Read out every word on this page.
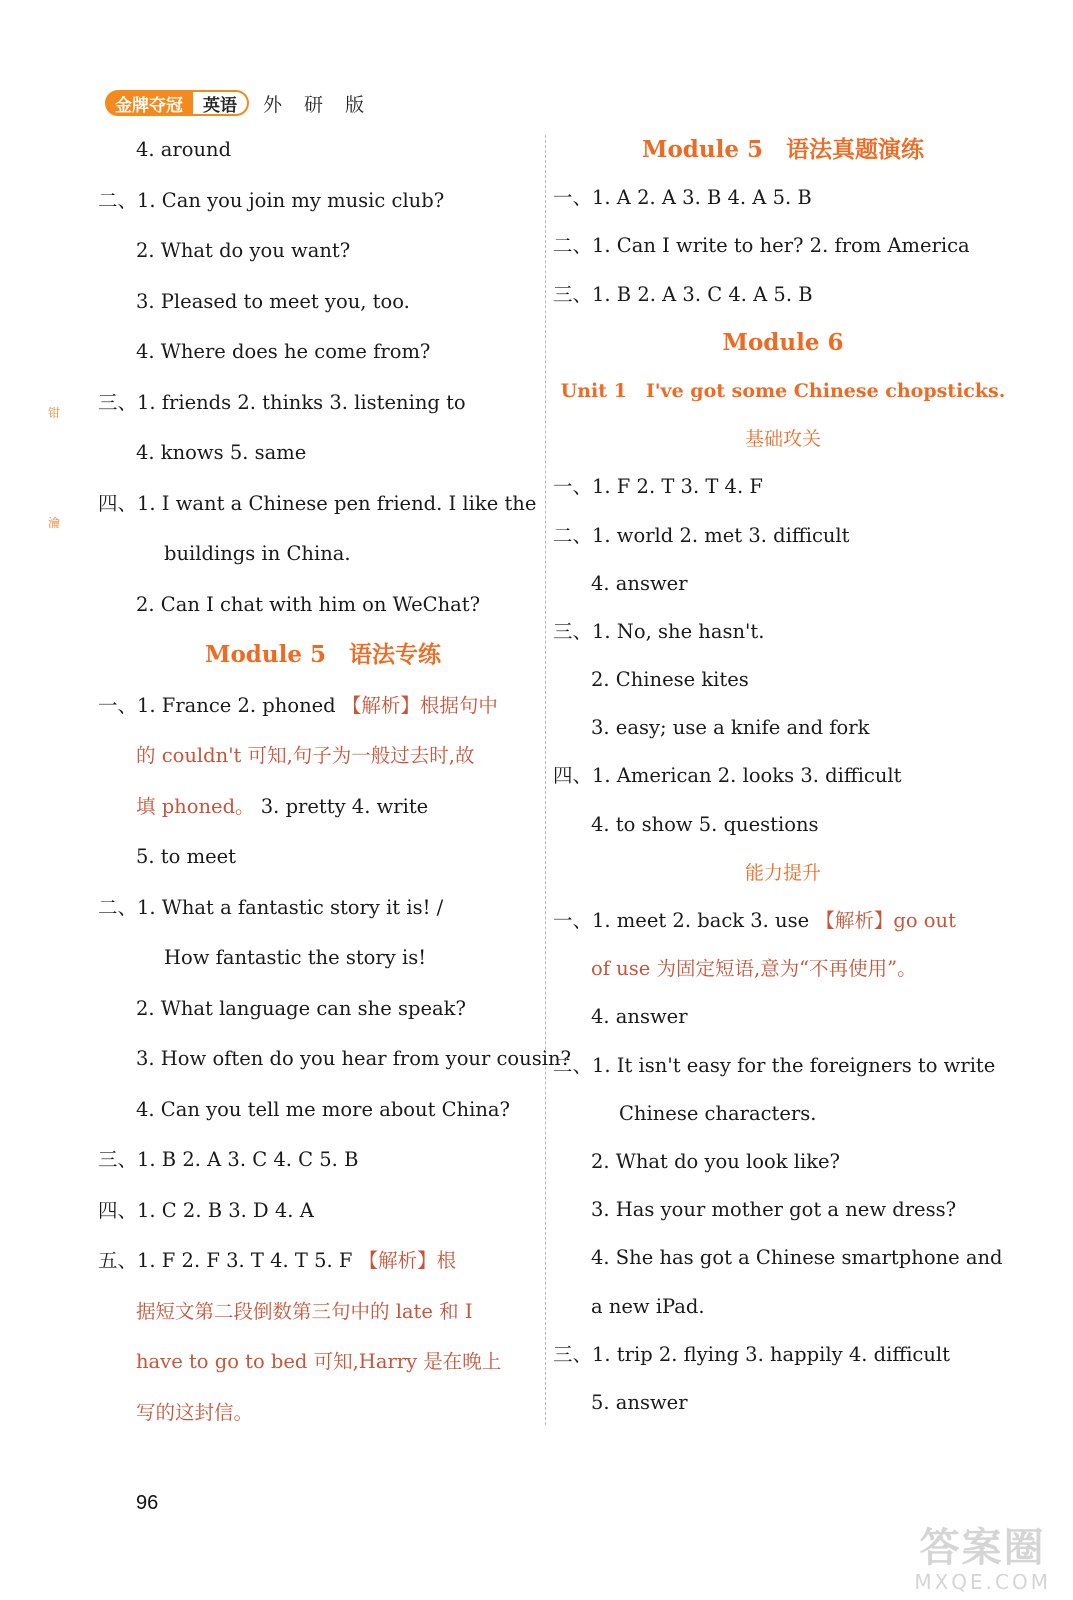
金牌夺冠	英语	外 研 版
钳
瀹
4. around
二、1. Can you join my music club?
2. What do you want?
3. Pleased to meet you, too.
4. Where does he come from?
三、1. friends 2. thinks 3. listening to
4. knows 5. same
四、1. I want a Chinese pen friend. I like the
buildings in China.
2. Can I chat with him on WeChat?
Module 5　语法专练
一、1. France 2. phoned 【解析】根据句中
的 couldn't 可知,句子为一般过去时,故
填 phoned。 3. pretty 4. write
5. to meet
二、1. What a fantastic story it is! /
How fantastic the story is!
2. What language can she speak?
3. How often do you hear from your cousin?
4. Can you tell me more about China?
三、1. B 2. A 3. C 4. C 5. B
四、1. C 2. B 3. D 4. A
五、1. F 2. F 3. T 4. T 5. F 【解析】根
据短文第二段倒数第三句中的 late 和 I
have to go to bed 可知,Harry 是在晚上
写的这封信。
Module 5　语法真题演练
一、1. A 2. A 3. B 4. A 5. B
二、1. Can I write to her? 2. from America
三、1. B 2. A 3. C 4. A 5. B
Module 6
Unit 1　I've got some Chinese chopsticks.
基础攻关
一、1. F 2. T 3. T 4. F
二、1. world 2. met 3. difficult
4. answer
三、1. No, she hasn't.
2. Chinese kites
3. easy; use a knife and fork
四、1. American 2. looks 3. difficult
4. to show 5. questions
能力提升
一、1. meet 2. back 3. use 【解析】go out
of use 为固定短语,意为“不再使用”。
4. answer
二、1. It isn't easy for the foreigners to write
Chinese characters.
2. What do you look like?
3. Has your mother got a new dress?
4. She has got a Chinese smartphone and
a new iPad.
三、1. trip 2. flying 3. happily 4. difficult
5. answer
96
答案圈
MXQE.COM
